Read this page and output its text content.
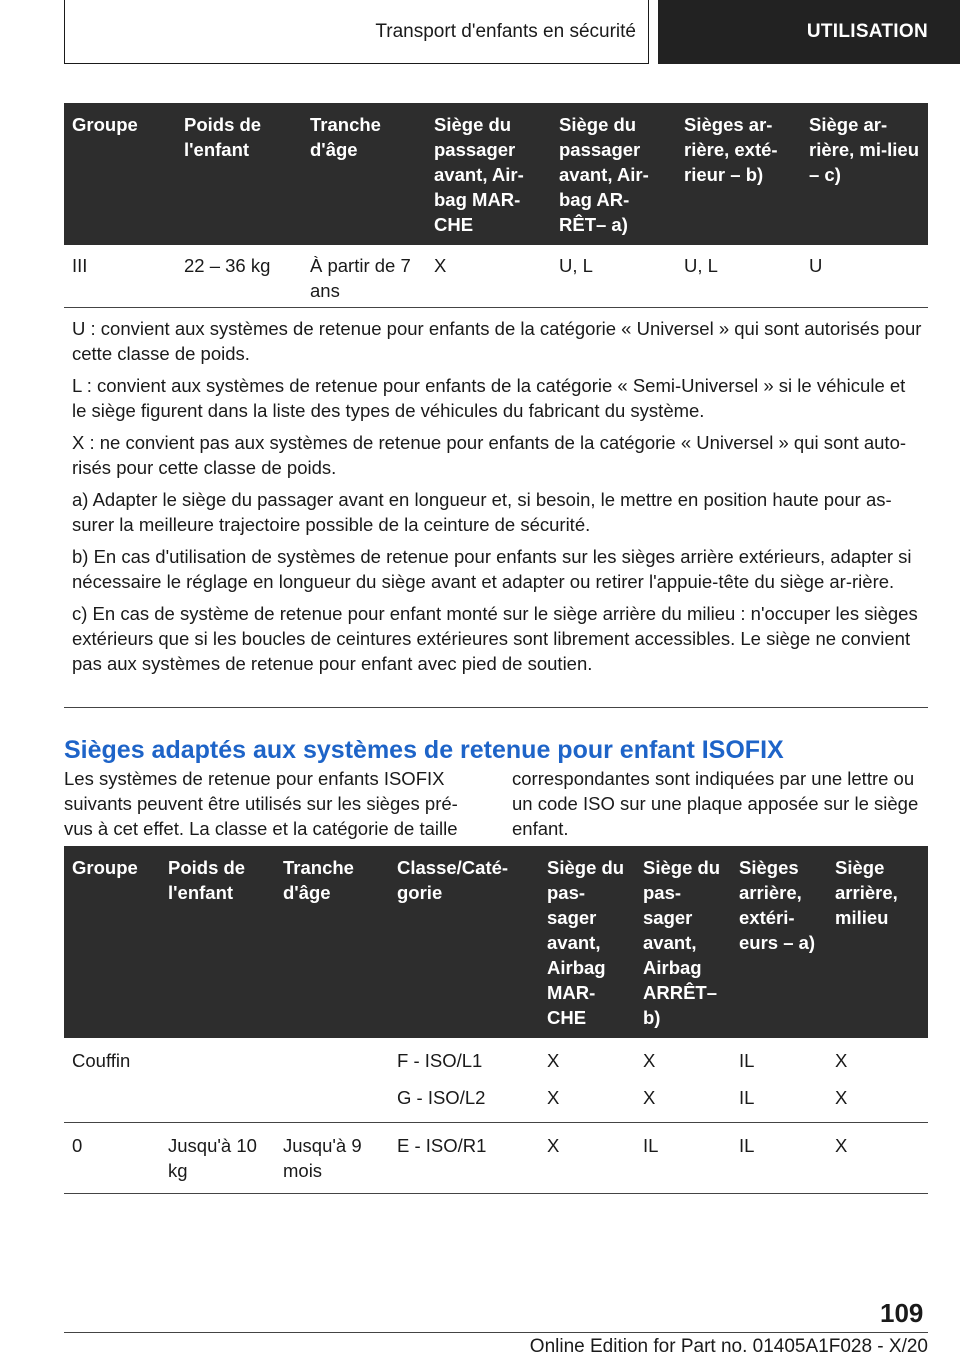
Transport d'enfants en sécurité	UTILISATION
Groupe	Poids de l'enfant	Tranche d'âge	Siège du passager avant, Air-bag MAR-CHE	Siège du passager avant, Air-bag AR-RÊT– a)	Sièges ar-rière, exté-rieur – b)	Siège ar-rière, mi-lieu – c)
III	22 – 36 kg	À partir de 7 ans	X	U, L	U, L	U

U : convient aux systèmes de retenue pour enfants de la catégorie « Universel » qui sont autorisés pour cette classe de poids.

L : convient aux systèmes de retenue pour enfants de la catégorie « Semi-Universel » si le véhicule et le siège figurent dans la liste des types de véhicules du fabricant du système.

X : ne convient pas aux systèmes de retenue pour enfants de la catégorie « Universel » qui sont auto-risés pour cette classe de poids.

a) Adapter le siège du passager avant en longueur et, si besoin, le mettre en position haute pour as-surer la meilleure trajectoire possible de la ceinture de sécurité.

b) En cas d'utilisation de systèmes de retenue pour enfants sur les sièges arrière extérieurs, adapter si nécessaire le réglage en longueur du siège avant et adapter ou retirer l'appuie-tête du siège ar-rière.

c) En cas de système de retenue pour enfant monté sur le siège arrière du milieu : n'occuper les sièges extérieurs que si les boucles de ceintures extérieures sont librement accessibles. Le siège ne convient pas aux systèmes de retenue pour enfant avec pied de soutien.

Sièges adaptés aux systèmes de retenue pour enfant ISOFIX
Les systèmes de retenue pour enfants ISOFIX suivants peuvent être utilisés sur les sièges pré-vus à cet effet. La classe et la catégorie de taille
correspondantes sont indiquées par une lettre ou un code ISO sur une plaque apposée sur le siège enfant.
Groupe	Poids de l'enfant	Tranche d'âge	Classe/Caté-gorie	Siège du pas-sager avant, Airbag MAR-CHE	Siège du pas-sager avant, Airbag ARRÊT– b)	Sièges arrière, extéri-eurs – a)	Siège arrière, milieu
Couffin			F - ISO/L1	X	X	IL	X
			G - ISO/L2	X	X	IL	X
0	Jusqu'à 10 kg	Jusqu'à 9 mois	E - ISO/R1	X	IL	IL	X
109
Online Edition for Part no. 01405A1F028 - X/20
